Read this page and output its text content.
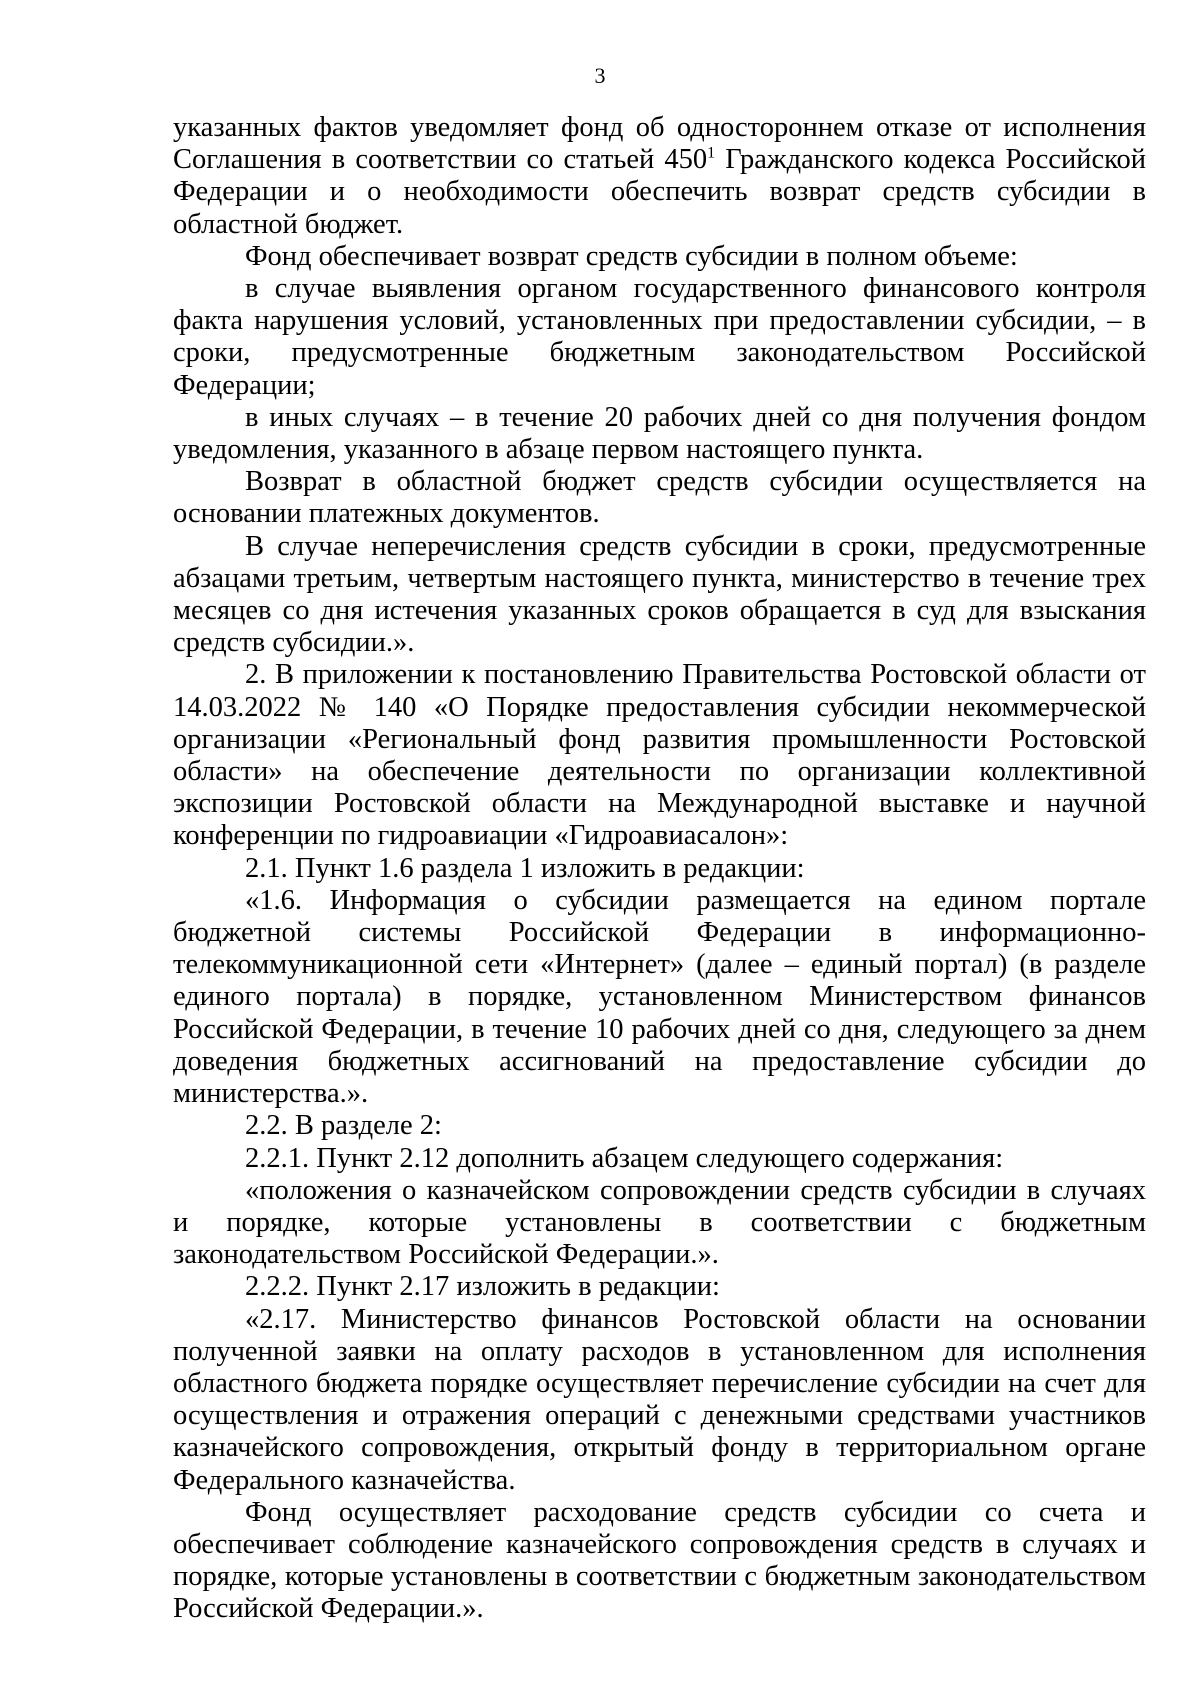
3

указанных фактов уведомляет фонд об одностороннем отказе от исполнения Соглашения в соответствии со статьей $450^1$ Гражданского кодекса Российской Федерации и о необходимости обеспечить возврат средств субсидии в областной бюджет.

Фонд обеспечивает возврат средств субсидии в полном объеме:

в случае выявления органом государственного финансового контроля факта нарушения условий, установленных при предоставлении субсидии, – в сроки, предусмотренные бюджетным законодательством Российской Федерации;

в иных случаях – в течение 20 рабочих дней со дня получения фондом уведомления, указанного в абзаце первом настоящего пункта.

Возврат в областной бюджет средств субсидии осуществляется на основании платежных документов.

В случае неперечисления средств субсидии в сроки, предусмотренные абзацами третьим, четвертым настоящего пункта, министерство в течение трех месяцев со дня истечения указанных сроков обращается в суд для взыскания средств субсидии.».

2. В приложении к постановлению Правительства Ростовской области от 14.03.2022 № 140 «О Порядке предоставления субсидии некоммерческой организации «Региональный фонд развития промышленности Ростовской области» на обеспечение деятельности по организации коллективной экспозиции Ростовской области на Международной выставке и научной конференции по гидроавиации «Гидроавиасалон»:

2.1. Пункт 1.6 раздела 1 изложить в редакции:

«1.6. Информация о субсидии размещается на едином портале бюджетной системы Российской Федерации в информационно-телекоммуникационной сети «Интернет» (далее – единый портал) (в разделе единого портала) в порядке, установленном Министерством финансов Российской Федерации, в течение 10 рабочих дней со дня, следующего за днем доведения бюджетных ассигнований на предоставление субсидии до министерства.».

2.2. В разделе 2:

2.2.1. Пункт 2.12 дополнить абзацем следующего содержания:

«положения о казначейском сопровождении средств субсидии в случаях и порядке, которые установлены в соответствии с бюджетным законодательством Российской Федерации.».

2.2.2. Пункт 2.17 изложить в редакции:

«2.17. Министерство финансов Ростовской области на основании полученной заявки на оплату расходов в установленном для исполнения областного бюджета порядке осуществляет перечисление субсидии на счет для осуществления и отражения операций с денежными средствами участников казначейского сопровождения, открытый фонду в территориальном органе Федерального казначейства.

Фонд осуществляет расходование средств субсидии со счета и обеспечивает соблюдение казначейского сопровождения средств в случаях и порядке, которые установлены в соответствии с бюджетным законодательством Российской Федерации.».
